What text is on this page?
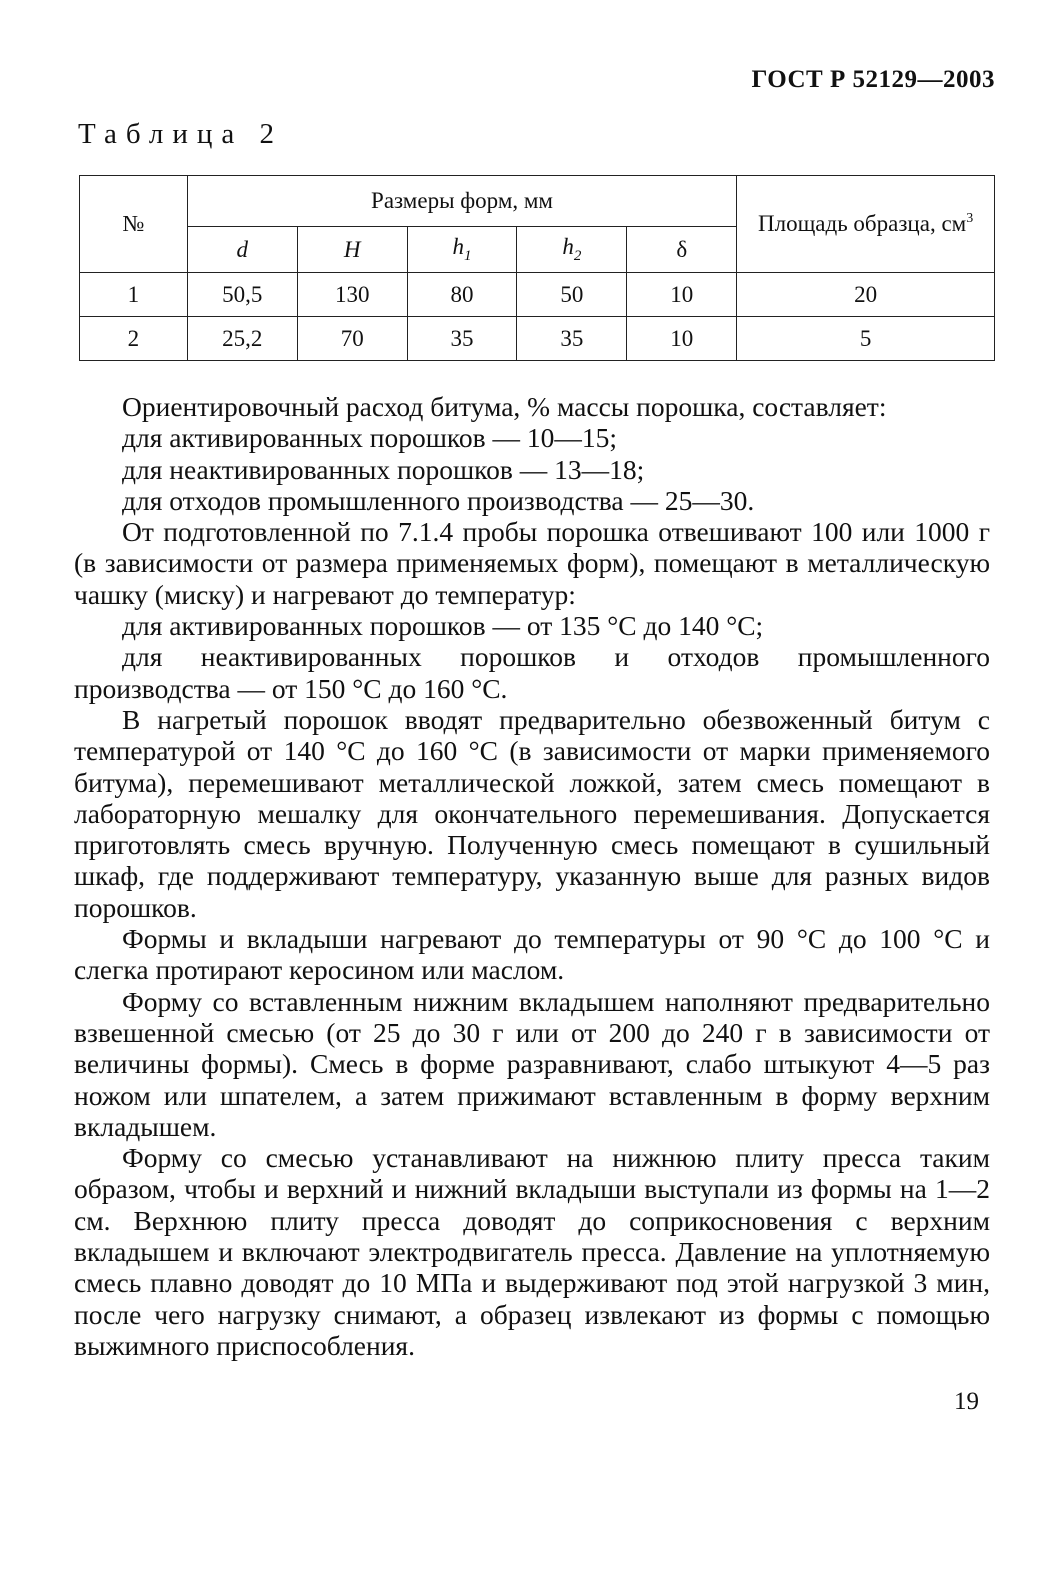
ГОСТ Р 52129—2003
Таблица 2
№	Размеры форм, мм					Площадь образца, $см^3$
	d	H	$h_1$	$h_2$	δ	
1	50,5	130	80	50	10	20
2	25,2	70	35	35	10	5

Ориентировочный расход битума, % массы порошка, составляет:

для активированных порошков — 10—15;

для неактивированных порошков — 13—18;

для отходов промышленного производства — 25—30.

От подготовленной по 7.1.4 пробы порошка отвешивают 100 или 1000 г (в зависимости от размера применяемых форм), помещают в металлическую чашку (миску) и нагревают до температур:

для активированных порошков — от 135 °С до 140 °С;

для неактивированных порошков и отходов промышленного производства — от 150 °С до 160 °С.

В нагретый порошок вводят предварительно обезвоженный битум с температурой от 140 °С до 160 °С (в зависимости от марки применяемого битума), перемешивают металлической ложкой, затем смесь помещают в лабораторную мешалку для окончательного перемешивания. Допускается приготовлять смесь вручную. Полученную смесь помещают в сушильный шкаф, где поддерживают температуру, указанную выше для разных видов порошков.

Формы и вкладыши нагревают до температуры от 90 °С до 100 °С и слегка протирают керосином или маслом.

Форму со вставленным нижним вкладышем наполняют предварительно взвешенной смесью (от 25 до 30 г или от 200 до 240 г в зависимости от величины формы). Смесь в форме разравнивают, слабо штыкуют 4—5 раз ножом или шпателем, а затем прижимают вставленным в форму верхним вкладышем.

Форму со смесью устанавливают на нижнюю плиту пресса таким образом, чтобы и верхний и нижний вкладыши выступали из формы на 1—2 см. Верхнюю плиту пресса доводят до соприкосновения с верхним вкладышем и включают электродвигатель пресса. Давление на уплотняемую смесь плавно доводят до 10 МПа и выдерживают под этой нагрузкой 3 мин, после чего нагрузку снимают, а образец извлекают из формы с помощью выжимного приспособления.

19
